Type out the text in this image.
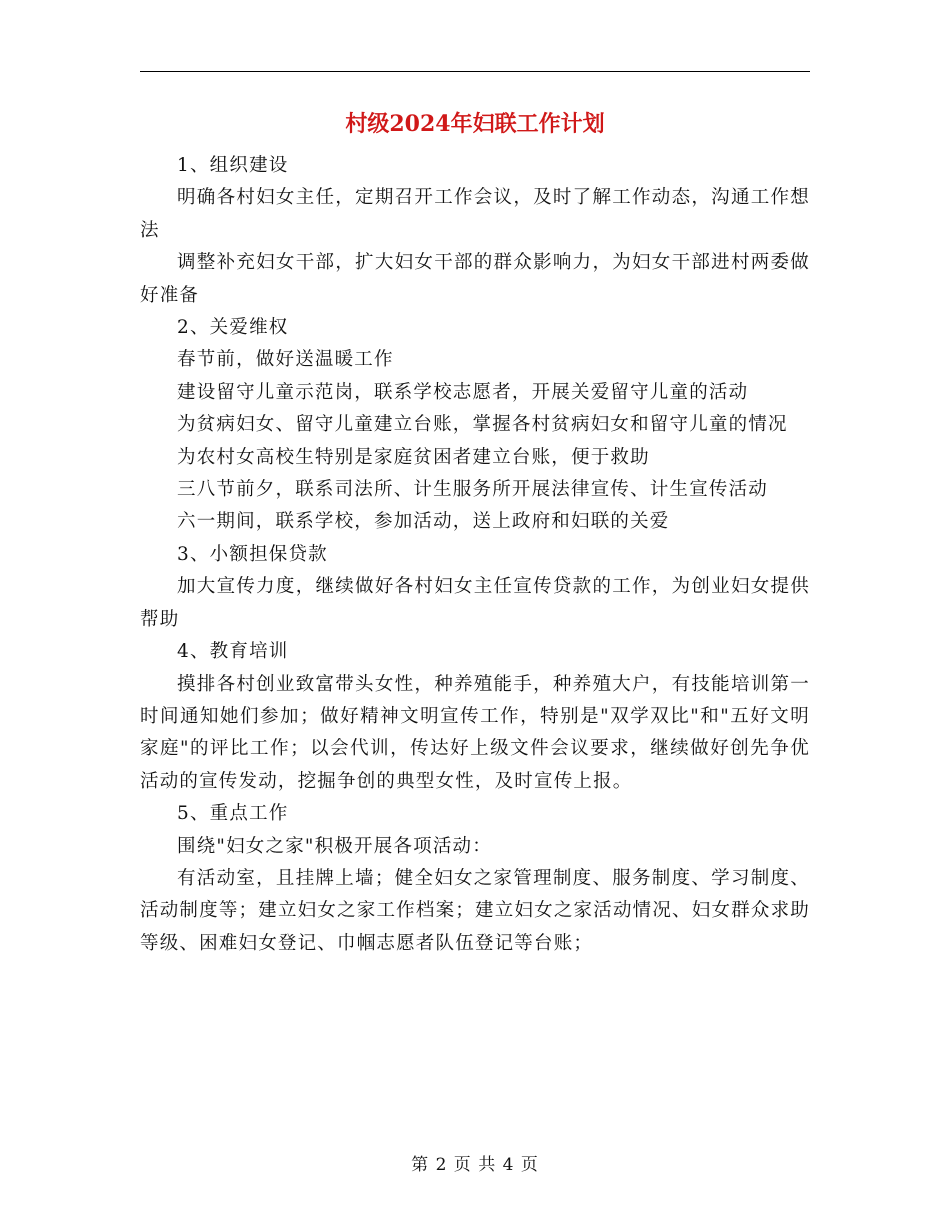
村级2024年妇联工作计划

1、组织建设

明确各村妇女主任，定期召开工作会议，及时了解工作动态，沟通工作想法

调整补充妇女干部，扩大妇女干部的群众影响力，为妇女干部进村两委做好准备

2、关爱维权

春节前，做好送温暖工作

建设留守儿童示范岗，联系学校志愿者，开展关爱留守儿童的活动

为贫病妇女、留守儿童建立台账，掌握各村贫病妇女和留守儿童的情况

为农村女高校生特别是家庭贫困者建立台账，便于救助

三八节前夕，联系司法所、计生服务所开展法律宣传、计生宣传活动

六一期间，联系学校，参加活动，送上政府和妇联的关爱

3、小额担保贷款

加大宣传力度，继续做好各村妇女主任宣传贷款的工作，为创业妇女提供帮助

4、教育培训

摸排各村创业致富带头女性，种养殖能手，种养殖大户，有技能培训第一时间通知她们参加；做好精神文明宣传工作，特别是"双学双比"和"五好文明家庭"的评比工作；以会代训，传达好上级文件会议要求，继续做好创先争优活动的宣传发动，挖掘争创的典型女性，及时宣传上报。

5、重点工作

围绕"妇女之家"积极开展各项活动：

有活动室，且挂牌上墙；健全妇女之家管理制度、服务制度、学习制度、活动制度等；建立妇女之家工作档案；建立妇女之家活动情况、妇女群众求助等级、困难妇女登记、巾帼志愿者队伍登记等台账；

第 2 页 共 4 页
